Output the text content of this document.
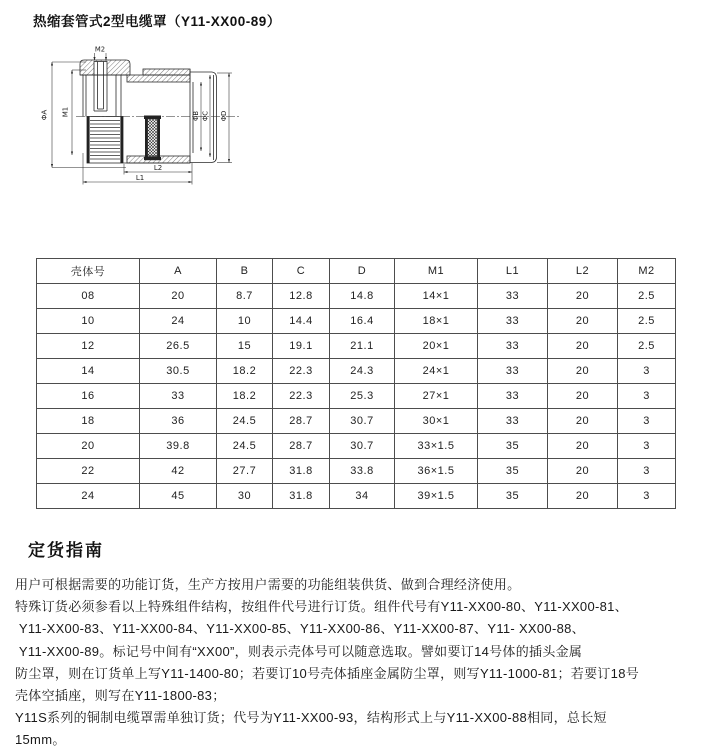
热缩套管式2型电缆罩（Y11-XX00-89）
M2
ΦA M1	ΦB ΦC ΦD
L2
L1
壳体号	A	B	C	D	M1	L1	L2	M2
08	20	8.7	12.8	14.8	14×1	33	20	2.5
10	24	10	14.4	16.4	18×1	33	20	2.5
12	26.5	15	19.1	21.1	20×1	33	20	2.5
14	30.5	18.2	22.3	24.3	24×1	33	20	3
16	33	18.2	22.3	25.3	27×1	33	20	3
18	36	24.5	28.7	30.7	30×1	33	20	3
20	39.8	24.5	28.7	30.7	33×1.5	35	20	3
22	42	27.7	31.8	33.8	36×1.5	35	20	3
24	45	30	31.8	34	39×1.5	35	20	3
定货指南

用户可根据需要的功能订货，生产方按用户需要的功能组装供货、做到合理经济使用。

特殊订货必须参看以上特殊组件结构，按组件代号进行订货。组件代号有Y11-XX00-80、Y11-XX00-81、

Y11-XX00-83、Y11-XX00-84、Y11-XX00-85、Y11-XX00-86、Y11-XX00-87、Y11- XX00-88、

Y11-XX00-89。标记号中间有“XX00”，则表示壳体号可以随意选取。譬如要订14号体的插头金属

防尘罩，则在订货单上写Y11-1400-80；若要订10号壳体插座金属防尘罩，则写Y11-1000-81；若要订18号

壳体空插座，则写在Y11-1800-83；

Y11S系列的铜制电缆罩需单独订货；代号为Y11-XX00-93，结构形式上与Y11-XX00-88相同，总长短

15mm。
